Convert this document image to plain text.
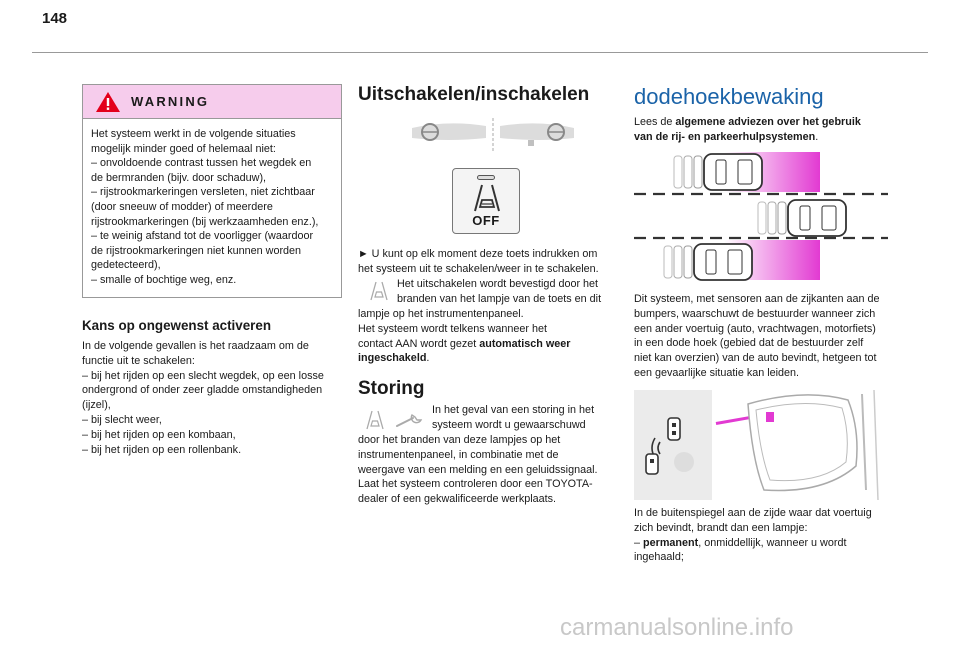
148
WARNING

Het systeem werkt in de volgende situaties

mogelijk minder goed of helemaal niet:

– onvoldoende contrast tussen het wegdek en

de bermranden (bijv. door schaduw),

– rijstrookmarkeringen versleten, niet zichtbaar

(door sneeuw of modder) of meerdere

rijstrookmarkeringen (bij werkzaamheden enz.),

– te weinig afstand tot de voorligger (waardoor

de rijstrookmarkeringen niet kunnen worden

gedetecteerd),

– smalle of bochtige weg, enz.

Kans op ongewenst activeren

In de volgende gevallen is het raadzaam om de

functie uit te schakelen:

– bij het rijden op een slecht wegdek, op een losse

ondergrond of onder zeer gladde omstandigheden

(ijzel),

– bij slecht weer,

– bij het rijden op een kombaan,

– bij het rijden op een rollenbank.

Uitschakelen/inschakelen
OFF

► U kunt op elk moment deze toets indrukken om

het systeem uit te schakelen/weer in te schakelen.

Het uitschakelen wordt bevestigd door het

branden van het lampje van de toets en dit

lampje op het instrumentenpaneel.

Het systeem wordt telkens wanneer het

contact AAN wordt gezet automatisch weer

ingeschakeld.

Storing

In het geval van een storing in het

systeem wordt u gewaarschuwd

door het branden van deze lampjes op het

instrumentenpaneel, in combinatie met de

weergave van een melding en een geluidssignaal.

Laat het systeem controleren door een TOYOTA-

dealer of een gekwalificeerde werkplaats.

dodehoekbewaking

Lees de algemene adviezen over het gebruik

van de rij- en parkeerhulpsystemen.

Dit systeem, met sensoren aan de zijkanten aan de

bumpers, waarschuwt de bestuurder wanneer zich

een ander voertuig (auto, vrachtwagen, motorfiets)

in een dode hoek (gebied dat de bestuurder zelf

niet kan overzien) van de auto bevindt, hetgeen tot

een gevaarlijke situatie kan leiden.

In de buitenspiegel aan de zijde waar dat voertuig

zich bevindt, brandt dan een lampje:

– permanent, onmiddellijk, wanneer u wordt

ingehaald;

carmanualsonline.info
